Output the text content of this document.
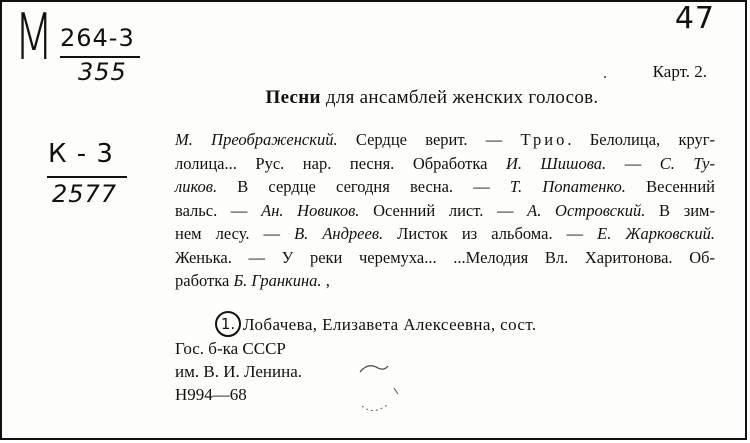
М 264-3
355
К - 3
2577
47
Карт. 2.
Песни для ансамблей женских голосов.
М. Преображенский. Сердце верит. — Трио. Белолица, круг-
лолица... Рус. нар. песня. Обработка И. Шишова. — С. Ту-
ликов. В сердце сегодня весна. — Т. Попатенко. Весенний
вальс. — Ан. Новиков. Осенний лист. — А. Островский. В зим-
нем лесу. — В. Андреев. Листок из альбома. — Е. Жарковский.
Женька. — У реки черемуха... ...Мелодия Вл. Харитонова. Об-
работка Б. Гранкина. ,
1. Лобачева, Елизавета Алексеевна, сост.
Гос. б-ка СССР
им. В. И. Ленина.
Н994—68
